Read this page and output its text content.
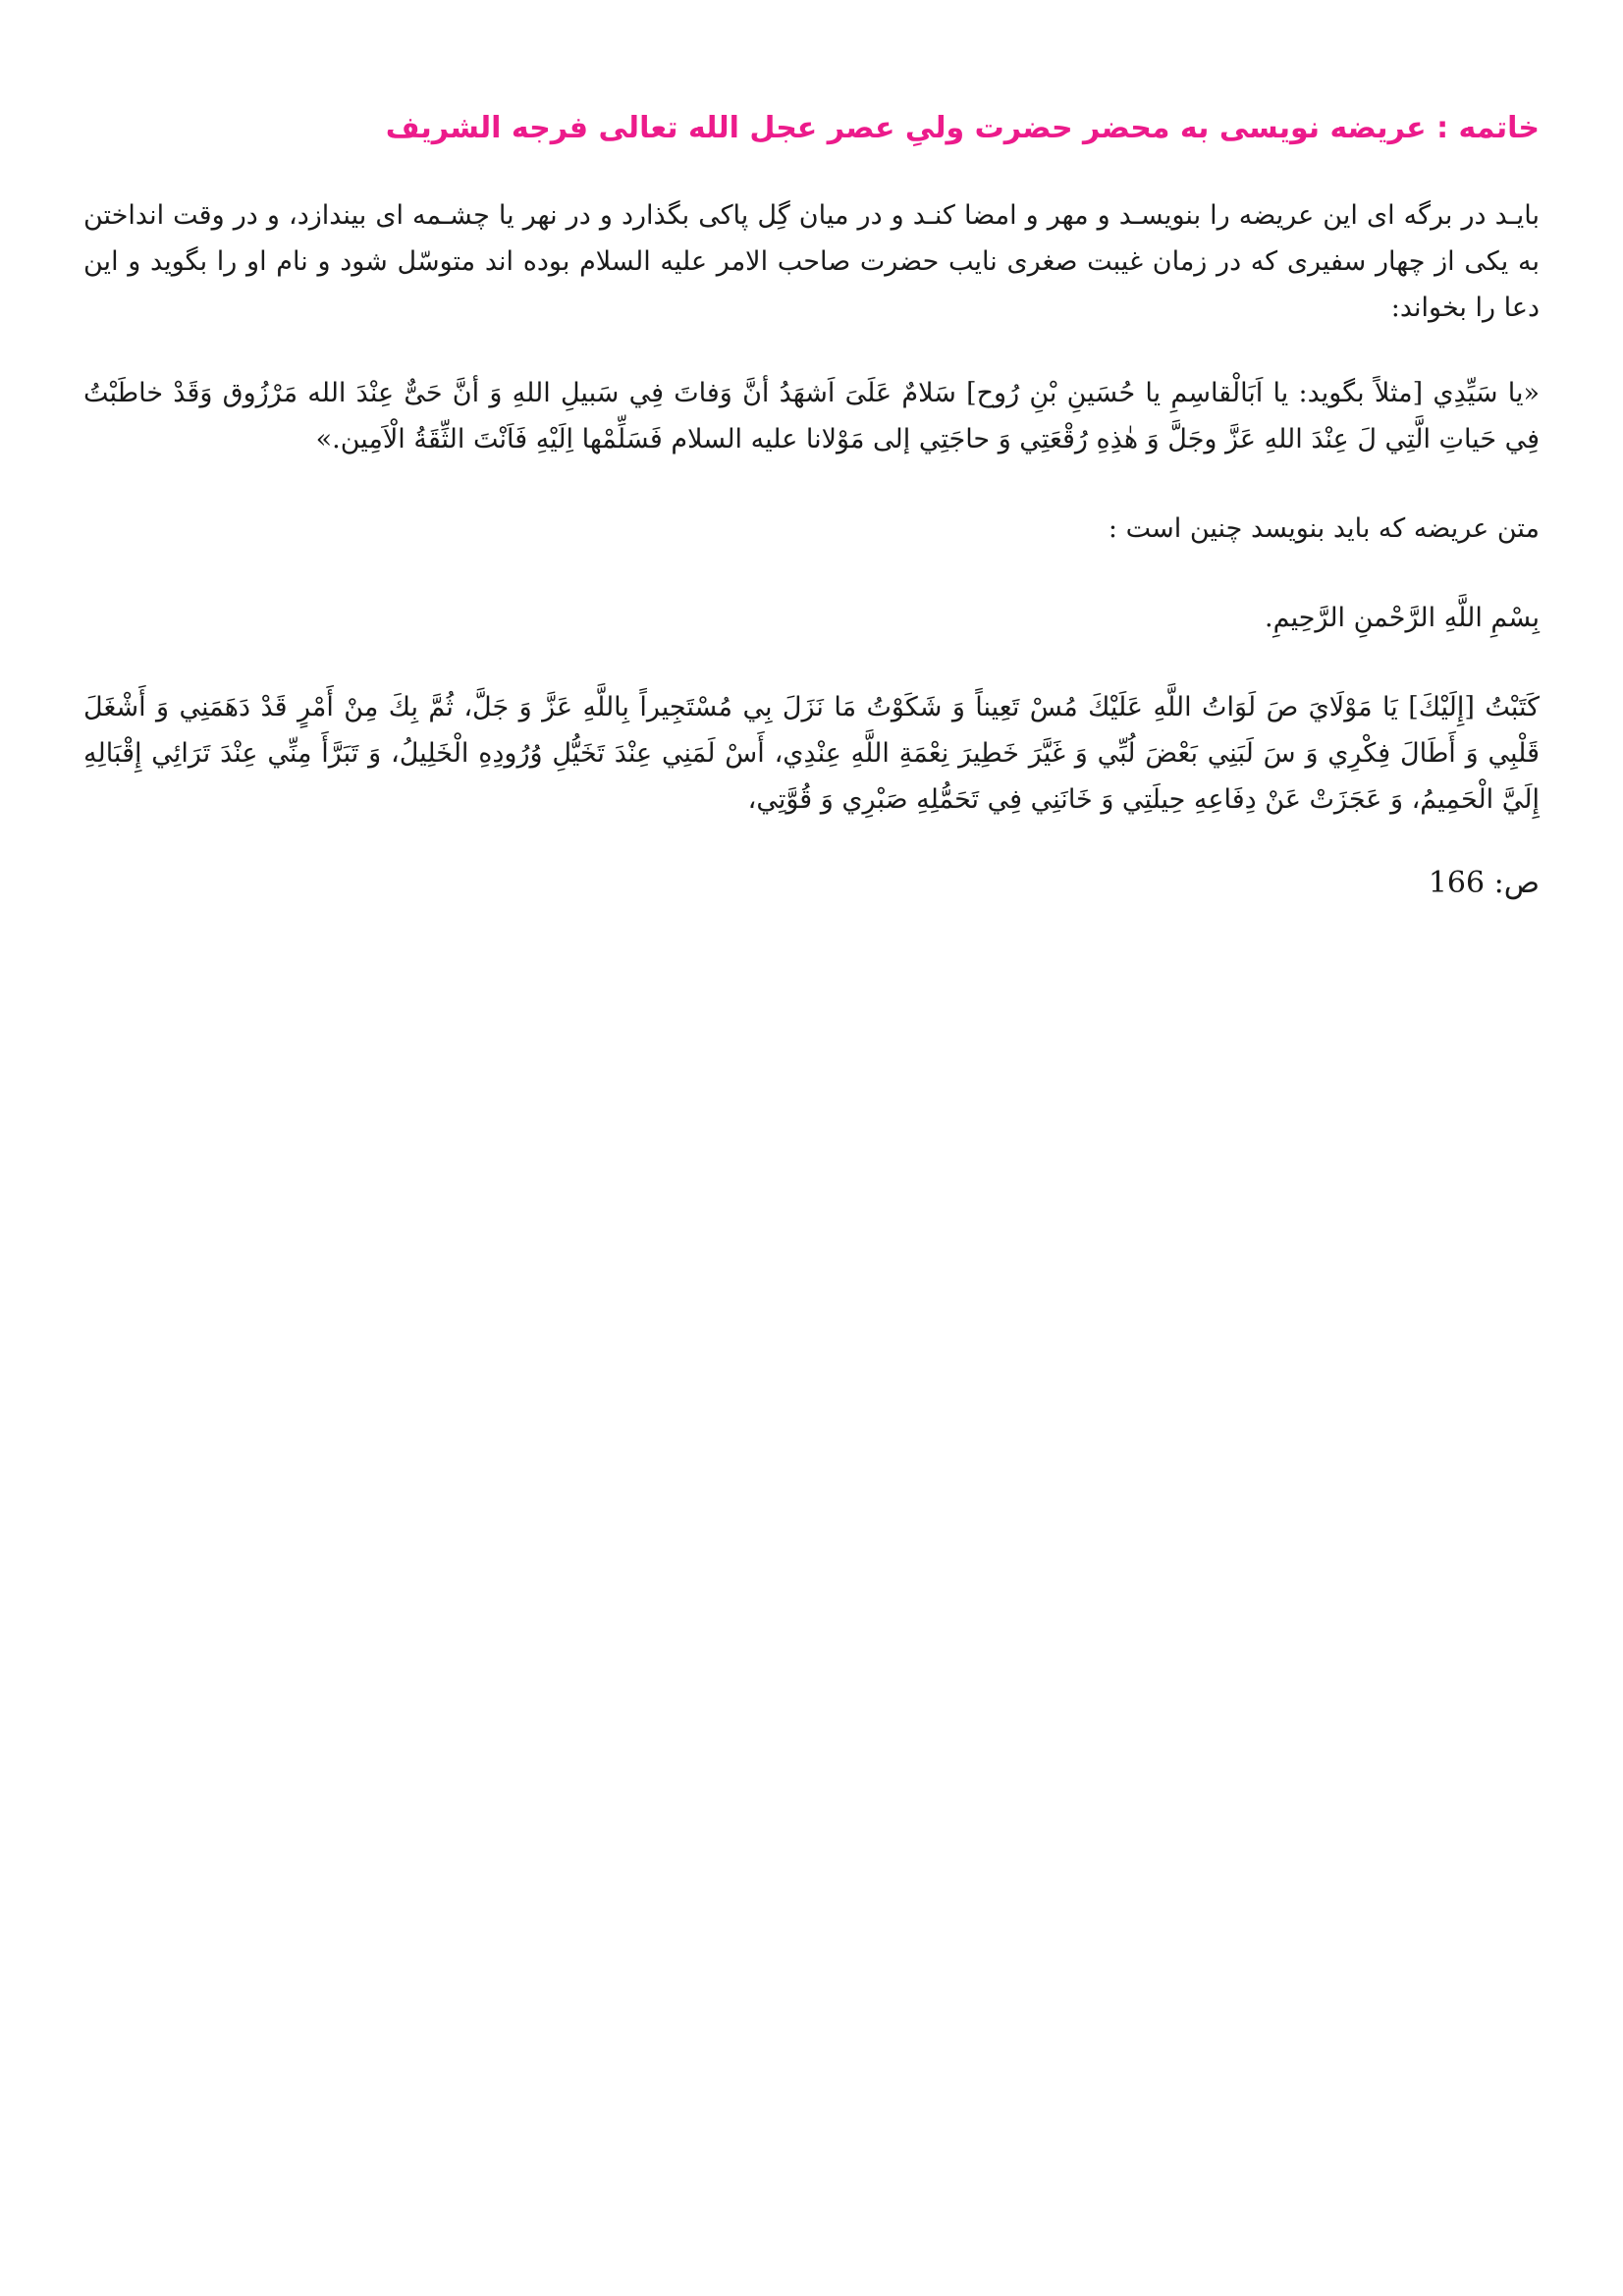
خاتمه : عریضه نویسی به محضر حضرت ولیِ عصر عجل الله تعالی فرجه الشریف

بایـد در برگه ای این عریضه را بنویسـد و مهر و امضا کنـد و در میان گِل پاکی بگذارد و در نهر یا چشـمه ای بیندازد، و در وقت انداختن به یکی از چهار سفیری که در زمان غیبت صغری نایب حضرت صاحب الامر علیه السلام بوده اند متوسّل شود و نام او را بگوید و این دعا را بخواند:

«یا سَیِّدِي [مثلاً بگوید: یا اَبَالْقاسِمِ یا حُسَینِ بْنِ رُوح] سَلامٌ عَلَیَ اَشهَدُ أنَّ وَفاتَ فِي سَبیلِ اللهِ وَ أنَّ حَیٌّ عِنْدَ الله مَرْزُوق وَقَدْ خاطَبْتُ فِي حَیاتِ الَّتِي لَ عِنْدَ اللهِ عَزَّ وجَلَّ وَ هٰذِهِ رُقْعَتِي وَ حاجَتِي إلی مَوْلانا علیه السلام فَسَلِّمْها اِلَیْهِ فَاَنْتَ الثِّقَةُ الْاَمِین.»

متن عریضه که باید بنویسد چنین است :

بِسْمِ اللَّهِ الرَّحْمنِ الرَّحِیمِ.

کَتَبْتُ [إِلَیْكَ] یَا مَوْلَايَ صَ لَوَاتُ اللَّهِ عَلَیْكَ مُسْ تَعِیناً وَ شَكَوْتُ مَا نَزَلَ بِي مُسْتَجِیراً بِاللَّهِ عَزَّ وَ جَلَّ، ثُمَّ بِكَ مِنْ أَمْرٍ قَدْ دَهَمَنِي وَ أَشْغَلَ قَلْبِي وَ أَطَالَ فِكْرِي وَ سَ لَبَنِي بَعْضَ لُبِّي وَ غَیَّرَ خَطِیرَ نِعْمَةِ اللَّهِ عِنْدِي، أَسْ لَمَنِي عِنْدَ تَخَیُّلِ وُرُودِهِ الْخَلِیلُ، وَ تَبَرَّأَ مِنِّي عِنْدَ تَرَائِي إِقْبَالِهِ إِلَيَّ الْحَمِیمُ، وَ عَجَزَتْ عَنْ دِفَاعِهِ حِیلَتِي وَ خَانَنِي فِي تَحَمُّلِهِ صَبْرِي وَ قُوَّتِي،

ص: 166
